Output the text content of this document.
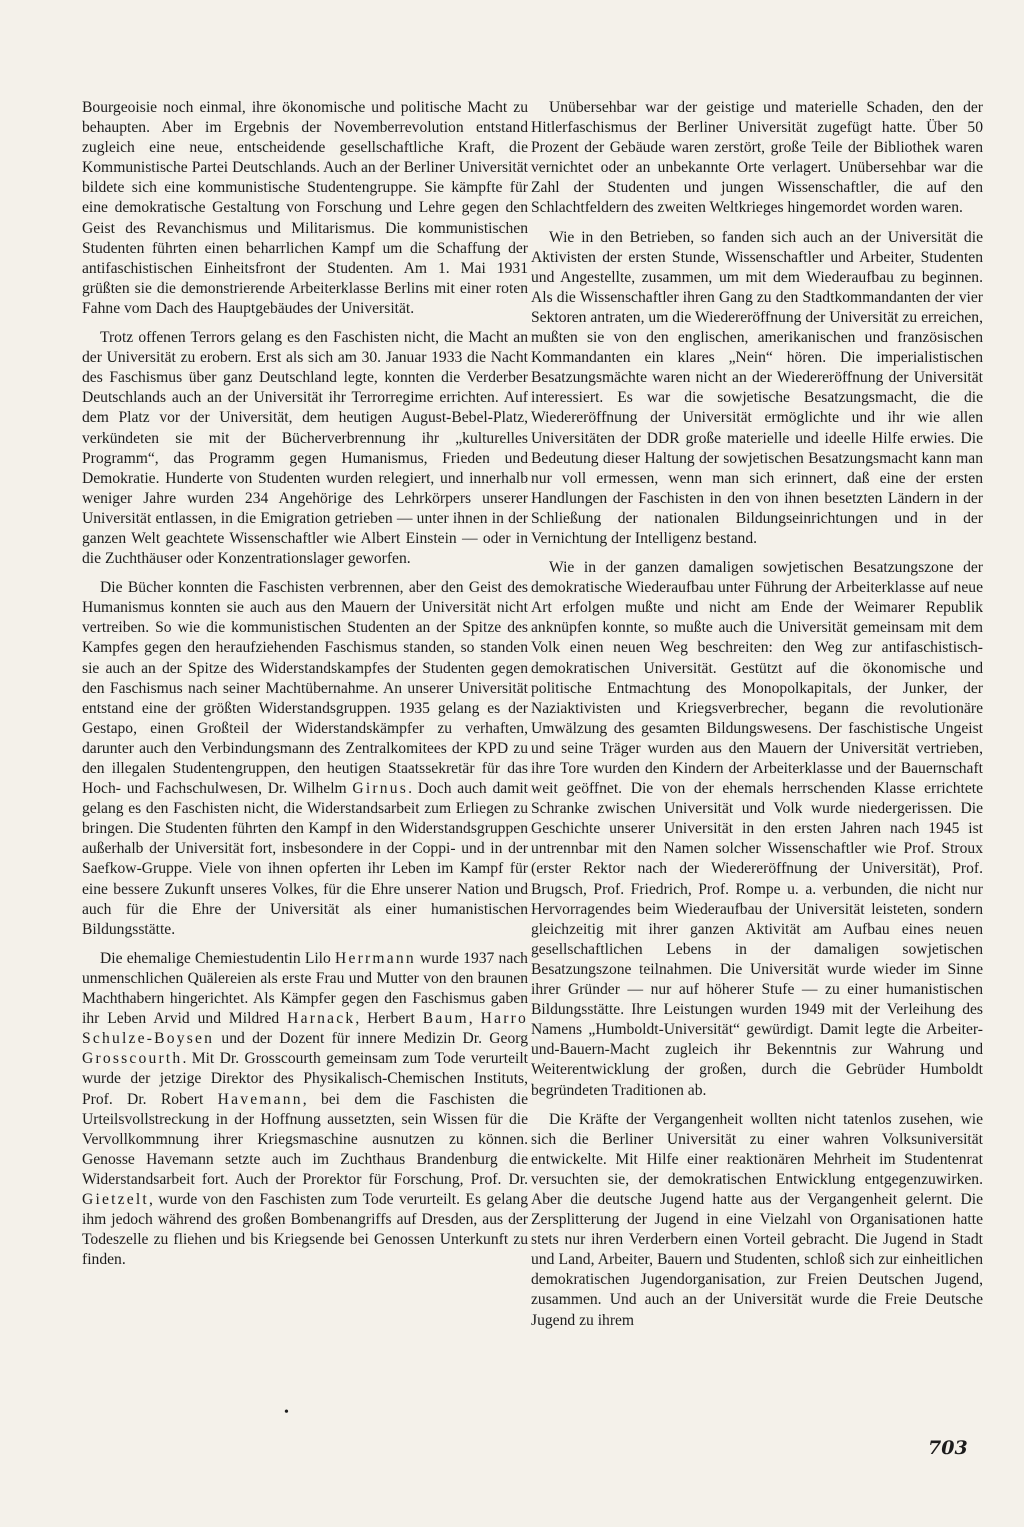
Bourgeoisie noch einmal, ihre ökonomische und politische Macht zu behaupten. Aber im Ergebnis der Novemberrevolution entstand zugleich eine neue, entscheidende gesellschaftliche Kraft, die Kommunistische Partei Deutschlands. Auch an der Berliner Universität bildete sich eine kommunistische Studentengruppe. Sie kämpfte für eine demokratische Gestaltung von Forschung und Lehre gegen den Geist des Revanchismus und Militarismus. Die kommunistischen Studenten führten einen beharrlichen Kampf um die Schaffung der antifaschistischen Einheitsfront der Studenten. Am 1. Mai 1931 grüßten sie die demonstrierende Arbeiterklasse Berlins mit einer roten Fahne vom Dach des Hauptgebäudes der Universität.

Trotz offenen Terrors gelang es den Faschisten nicht, die Macht an der Universität zu erobern. Erst als sich am 30. Januar 1933 die Nacht des Faschismus über ganz Deutschland legte, konnten die Verderber Deutschlands auch an der Universität ihr Terrorregime errichten. Auf dem Platz vor der Universität, dem heutigen August-Bebel-Platz, verkündeten sie mit der Bücherverbrennung ihr „kulturelles Programm“, das Programm gegen Humanismus, Frieden und Demokratie. Hunderte von Studenten wurden relegiert, und innerhalb weniger Jahre wurden 234 Angehörige des Lehrkörpers unserer Universität entlassen, in die Emigration getrieben — unter ihnen in der ganzen Welt geachtete Wissenschaftler wie Albert Einstein — oder in die Zuchthäuser oder Konzentrationslager geworfen.

Die Bücher konnten die Faschisten verbrennen, aber den Geist des Humanismus konnten sie auch aus den Mauern der Universität nicht vertreiben. So wie die kommunistischen Studenten an der Spitze des Kampfes gegen den heraufziehenden Faschismus standen, so standen sie auch an der Spitze des Widerstandskampfes der Studenten gegen den Faschismus nach seiner Machtübernahme. An unserer Universität entstand eine der größten Widerstandsgruppen. 1935 gelang es der Gestapo, einen Großteil der Widerstandskämpfer zu verhaften, darunter auch den Verbindungsmann des Zentralkomitees der KPD zu den illegalen Studentengruppen, den heutigen Staatssekretär für das Hoch- und Fachschulwesen, Dr. Wilhelm Girnus. Doch auch damit gelang es den Faschisten nicht, die Widerstandsarbeit zum Erliegen zu bringen. Die Studenten führten den Kampf in den Widerstandsgruppen außerhalb der Universität fort, insbesondere in der Coppi- und in der Saefkow-Gruppe. Viele von ihnen opferten ihr Leben im Kampf für eine bessere Zukunft unseres Volkes, für die Ehre unserer Nation und auch für die Ehre der Universität als einer humanistischen Bildungsstätte.

Die ehemalige Chemiestudentin Lilo Herrmann wurde 1937 nach unmenschlichen Quälereien als erste Frau und Mutter von den braunen Machthabern hingerichtet. Als Kämpfer gegen den Faschismus gaben ihr Leben Arvid und Mildred Harnack, Herbert Baum, Harro Schulze-Boysen und der Dozent für innere Medizin Dr. Georg Grosscourth. Mit Dr. Grosscourth gemeinsam zum Tode verurteilt wurde der jetzige Direktor des Physikalisch-Chemischen Instituts, Prof. Dr. Robert Havemann, bei dem die Faschisten die Urteilsvollstreckung in der Hoffnung aussetzten, sein Wissen für die Vervollkommnung ihrer Kriegsmaschine ausnutzen zu können. Genosse Havemann setzte auch im Zuchthaus Brandenburg die Widerstandsarbeit fort. Auch der Prorektor für Forschung, Prof. Dr. Gietzelt, wurde von den Faschisten zum Tode verurteilt. Es gelang ihm jedoch während des großen Bombenangriffs auf Dresden, aus der Todeszelle zu fliehen und bis Kriegsende bei Genossen Unterkunft zu finden.

Unübersehbar war der geistige und materielle Schaden, den der Hitlerfaschismus der Berliner Universität zugefügt hatte. Über 50 Prozent der Gebäude waren zerstört, große Teile der Bibliothek waren vernichtet oder an unbekannte Orte verlagert. Unübersehbar war die Zahl der Studenten und jungen Wissenschaftler, die auf den Schlachtfeldern des zweiten Weltkrieges hingemordet worden waren.

Wie in den Betrieben, so fanden sich auch an der Universität die Aktivisten der ersten Stunde, Wissenschaftler und Arbeiter, Studenten und Angestellte, zusammen, um mit dem Wiederaufbau zu beginnen. Als die Wissenschaftler ihren Gang zu den Stadtkommandanten der vier Sektoren antraten, um die Wiedereröffnung der Universität zu erreichen, mußten sie von den englischen, amerikanischen und französischen Kommandanten ein klares „Nein“ hören. Die imperialistischen Besatzungsmächte waren nicht an der Wiedereröffnung der Universität interessiert. Es war die sowjetische Besatzungsmacht, die die Wiedereröffnung der Universität ermöglichte und ihr wie allen Universitäten der DDR große materielle und ideelle Hilfe erwies. Die Bedeutung dieser Haltung der sowjetischen Besatzungsmacht kann man nur voll ermessen, wenn man sich erinnert, daß eine der ersten Handlungen der Faschisten in den von ihnen besetzten Ländern in der Schließung der nationalen Bildungseinrichtungen und in der Vernichtung der Intelligenz bestand.

Wie in der ganzen damaligen sowjetischen Besatzungszone der demokratische Wiederaufbau unter Führung der Arbeiterklasse auf neue Art erfolgen mußte und nicht am Ende der Weimarer Republik anknüpfen konnte, so mußte auch die Universität gemeinsam mit dem Volk einen neuen Weg beschreiten: den Weg zur antifaschistisch-demokratischen Universität. Gestützt auf die ökonomische und politische Entmachtung des Monopolkapitals, der Junker, der Naziaktivisten und Kriegsverbrecher, begann die revolutionäre Umwälzung des gesamten Bildungswesens. Der faschistische Ungeist und seine Träger wurden aus den Mauern der Universität vertrieben, ihre Tore wurden den Kindern der Arbeiterklasse und der Bauernschaft weit geöffnet. Die von der ehemals herrschenden Klasse errichtete Schranke zwischen Universität und Volk wurde niedergerissen. Die Geschichte unserer Universität in den ersten Jahren nach 1945 ist untrennbar mit den Namen solcher Wissenschaftler wie Prof. Stroux (erster Rektor nach der Wiedereröffnung der Universität), Prof. Brugsch, Prof. Friedrich, Prof. Rompe u. a. verbunden, die nicht nur Hervorragendes beim Wiederaufbau der Universität leisteten, sondern gleichzeitig mit ihrer ganzen Aktivität am Aufbau eines neuen gesellschaftlichen Lebens in der damaligen sowjetischen Besatzungszone teilnahmen. Die Universität wurde wieder im Sinne ihrer Gründer — nur auf höherer Stufe — zu einer humanistischen Bildungsstätte. Ihre Leistungen wurden 1949 mit der Verleihung des Namens „Humboldt-Universität“ gewürdigt. Damit legte die Arbeiter-und-Bauern-Macht zugleich ihr Bekenntnis zur Wahrung und Weiterentwicklung der großen, durch die Gebrüder Humboldt begründeten Traditionen ab.

Die Kräfte der Vergangenheit wollten nicht tatenlos zusehen, wie sich die Berliner Universität zu einer wahren Volksuniversität entwickelte. Mit Hilfe einer reaktionären Mehrheit im Studentenrat versuchten sie, der demokratischen Entwicklung entgegenzuwirken. Aber die deutsche Jugend hatte aus der Vergangenheit gelernt. Die Zersplitterung der Jugend in eine Vielzahl von Organisationen hatte stets nur ihren Verderbern einen Vorteil gebracht. Die Jugend in Stadt und Land, Arbeiter, Bauern und Studenten, schloß sich zur einheitlichen demokratischen Jugendorganisation, zur Freien Deutschen Jugend, zusammen. Und auch an der Universität wurde die Freie Deutsche Jugend zu ihrem

•
703
